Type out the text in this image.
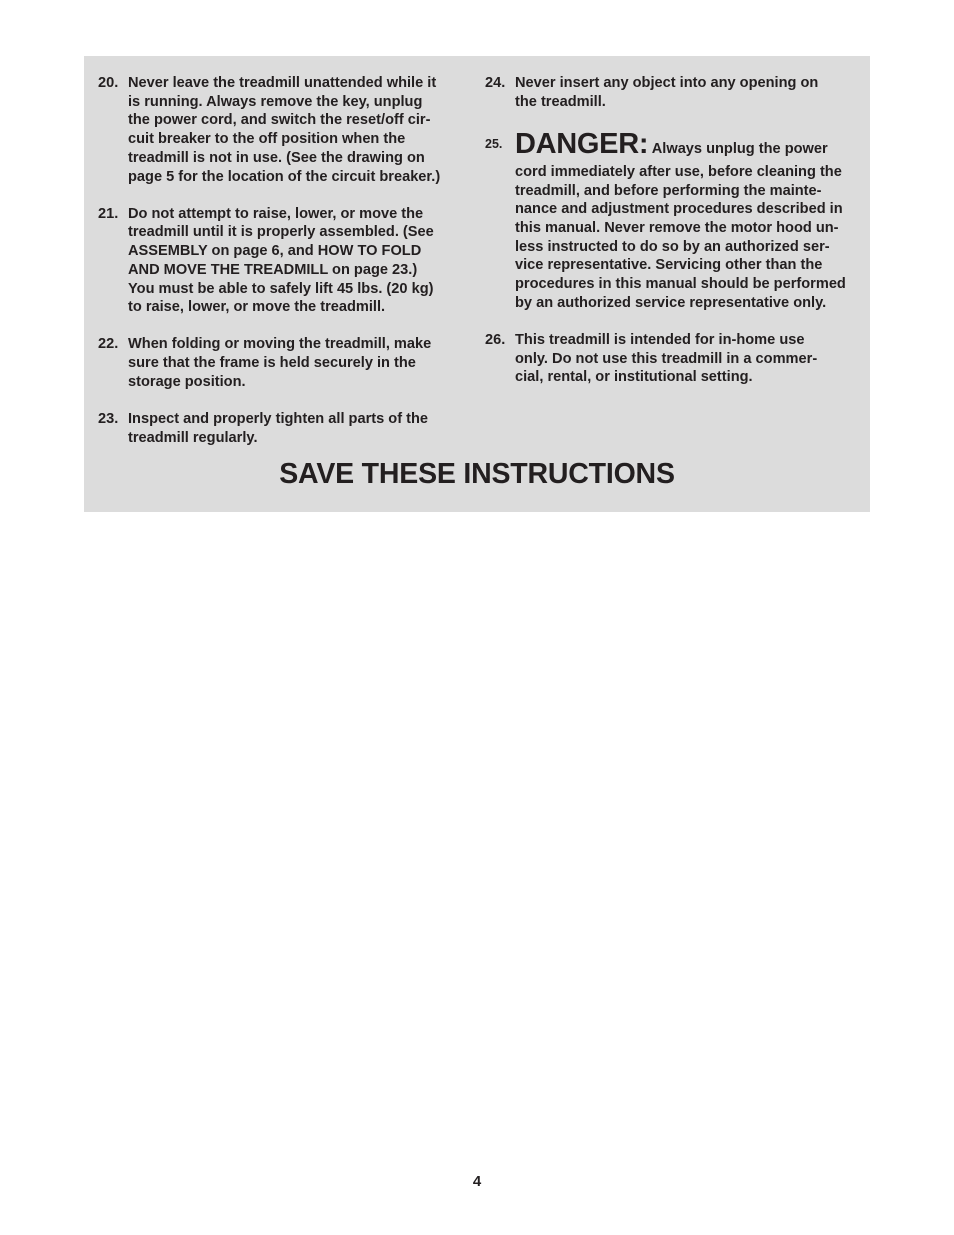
20. Never leave the treadmill unattended while it
is running. Always remove the key, unplug
the power cord, and switch the reset/off cir-
cuit breaker to the off position when the
treadmill is not in use. (See the drawing on
page 5 for the location of the circuit breaker.)
21. Do not attempt to raise, lower, or move the
treadmill until it is properly assembled. (See
ASSEMBLY on page 6, and HOW TO FOLD
AND MOVE THE TREADMILL on page 23.)
You must be able to safely lift 45 lbs. (20 kg)
to raise, lower, or move the treadmill.
22. When folding or moving the treadmill, make
sure that the frame is held securely in the
storage position.
23. Inspect and properly tighten all parts of the
treadmill regularly.
24. Never insert any object into any opening on
the treadmill.
25. DANGER: Always unplug the power
cord immediately after use, before cleaning the
treadmill, and before performing the mainte-
nance and adjustment procedures described in
this manual. Never remove the motor hood un-
less instructed to do so by an authorized ser-
vice representative. Servicing other than the
procedures in this manual should be performed
by an authorized service representative only.
26. This treadmill is intended for in-home use
only. Do not use this treadmill in a commer-
cial, rental, or institutional setting.
SAVE THESE INSTRUCTIONS
4
